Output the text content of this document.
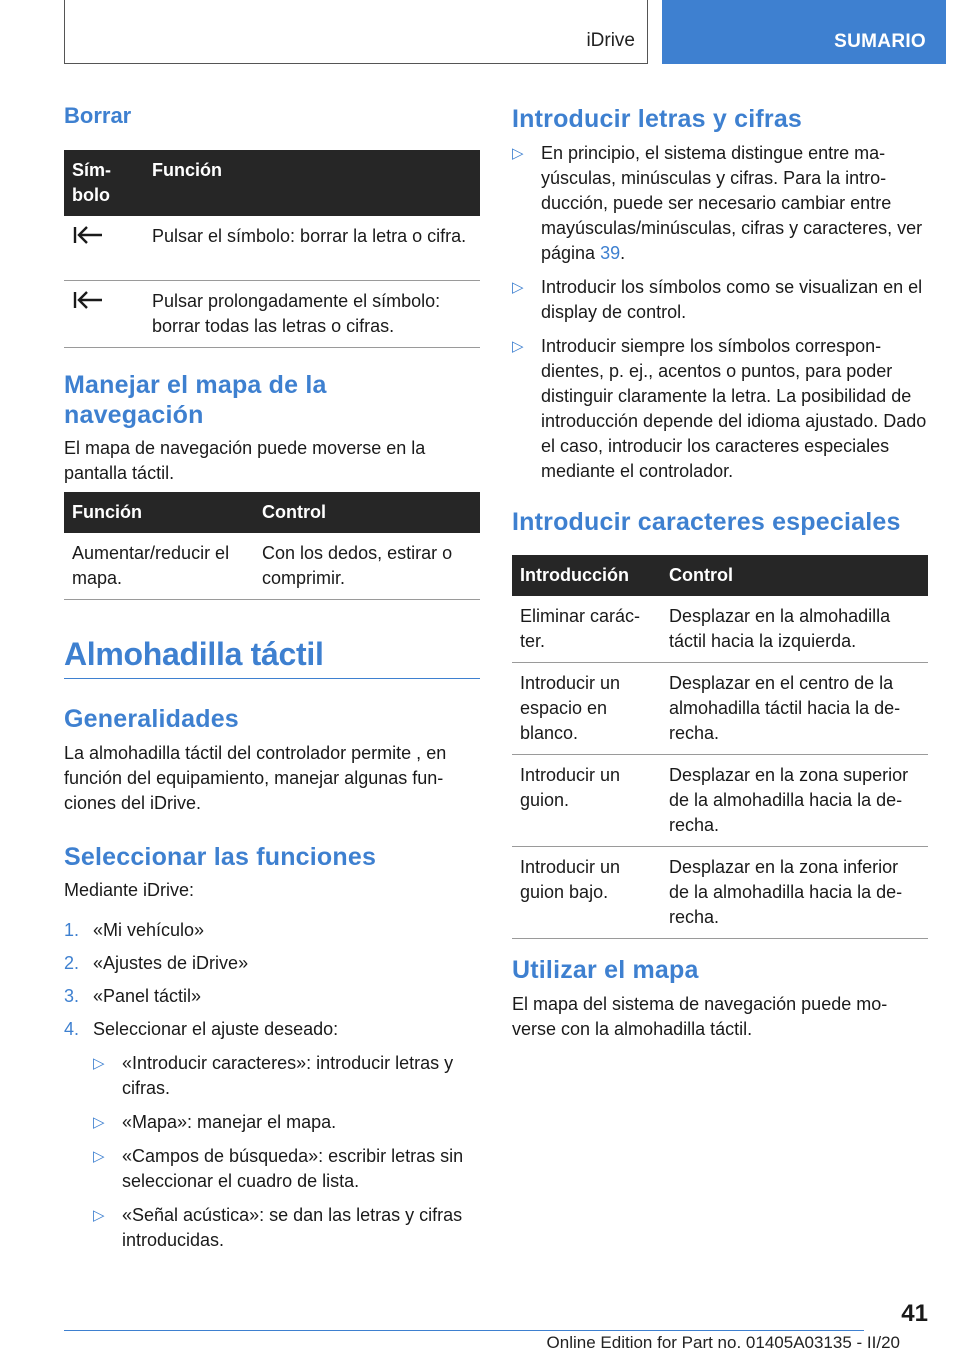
iDrive	SUMARIO
Borrar
Símbolo	Función
	Pulsar el símbolo: borrar la letra o cifra.
	Pulsar prolongadamente el símbolo: borrar todas las letras o cifras.
Manejar el mapa de la navegación
El mapa de navegación puede moverse en la pantalla táctil.
Función	Control
Aumentar/reducir el mapa.	Con los dedos, estirar o comprimir.
Almohadilla táctil
Generalidades
La almohadilla táctil del controlador permite , en función del equipamiento, manejar algunas funciones del iDrive.
Seleccionar las funciones
Mediante iDrive:
1. «Mi vehículo»
2. «Ajustes de iDrive»
3. «Panel táctil»
4. Seleccionar el ajuste deseado:
▷ «Introducir caracteres»: introducir letras y cifras.
▷ «Mapa»: manejar el mapa.
▷ «Campos de búsqueda»: escribir letras sin seleccionar el cuadro de lista.
▷ «Señal acústica»: se dan las letras y cifras introducidas.
Introducir letras y cifras
▷ En principio, el sistema distingue entre mayúsculas, minúsculas y cifras. Para la introducción, puede ser necesario cambiar entre mayúsculas/minúsculas, cifras y caracteres, ver página 39.
▷ Introducir los símbolos como se visualizan en el display de control.
▷ Introducir siempre los símbolos correspondientes, p. ej., acentos o puntos, para poder distinguir claramente la letra. La posibilidad de introducción depende del idioma ajustado. Dado el caso, introducir los caracteres especiales mediante el controlador.
Introducir caracteres especiales
Introducción	Control
Eliminar carácter.	Desplazar en la almohadilla táctil hacia la izquierda.
Introducir un espacio en blanco.	Desplazar en el centro de la almohadilla táctil hacia la derecha.
Introducir un guion.	Desplazar en la zona superior de la almohadilla hacia la derecha.
Introducir un guion bajo.	Desplazar en la zona inferior de la almohadilla hacia la derecha.
Utilizar el mapa
El mapa del sistema de navegación puede moverse con la almohadilla táctil.
41
Online Edition for Part no. 01405A03135 - II/20
